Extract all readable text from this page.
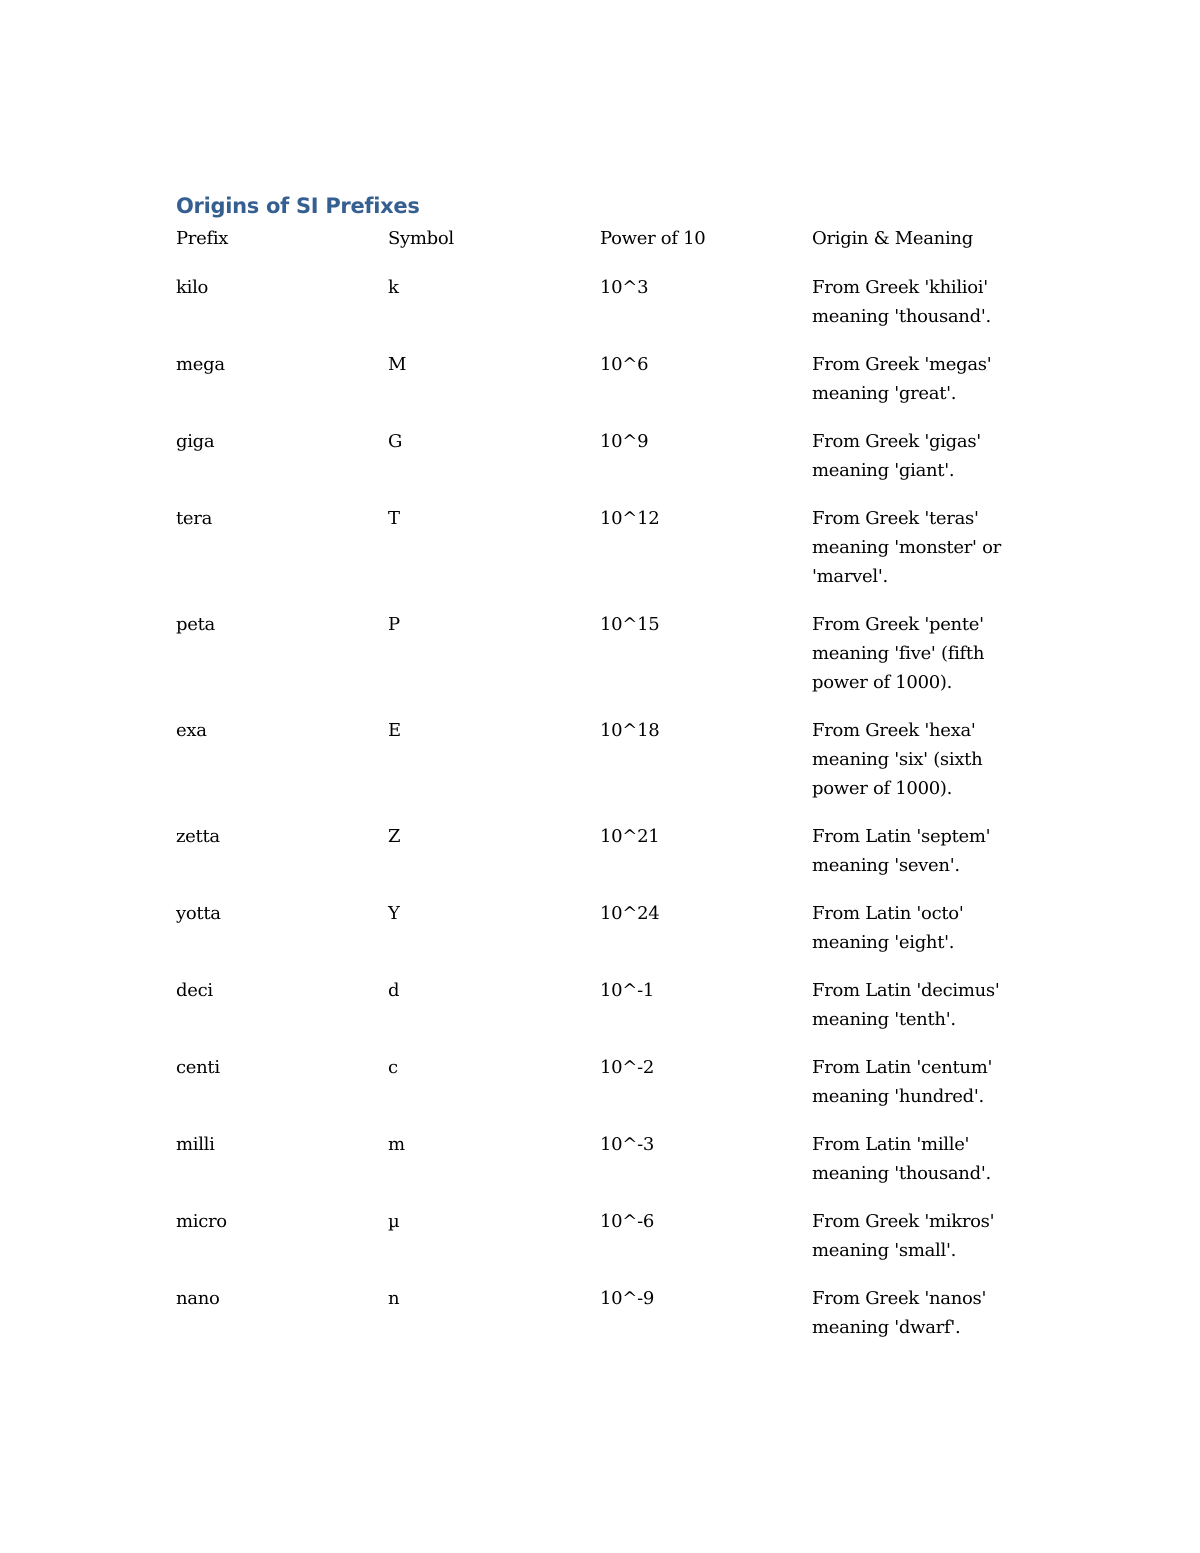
Origins of SI Prefixes
Prefix	Symbol	Power of 10	Origin & Meaning
kilo	k	10^3	From Greek 'khilioi' meaning 'thousand'.
mega	M	10^6	From Greek 'megas' meaning 'great'.
giga	G	10^9	From Greek 'gigas' meaning 'giant'.
tera	T	10^12	From Greek 'teras' meaning 'monster' or 'marvel'.
peta	P	10^15	From Greek 'pente' meaning 'five' (fifth power of 1000).
exa	E	10^18	From Greek 'hexa' meaning 'six' (sixth power of 1000).
zetta	Z	10^21	From Latin 'septem' meaning 'seven'.
yotta	Y	10^24	From Latin 'octo' meaning 'eight'.
deci	d	10^-1	From Latin 'decimus' meaning 'tenth'.
centi	c	10^-2	From Latin 'centum' meaning 'hundred'.
milli	m	10^-3	From Latin 'mille' meaning 'thousand'.
micro	µ	10^-6	From Greek 'mikros' meaning 'small'.
nano	n	10^-9	From Greek 'nanos' meaning 'dwarf'.
